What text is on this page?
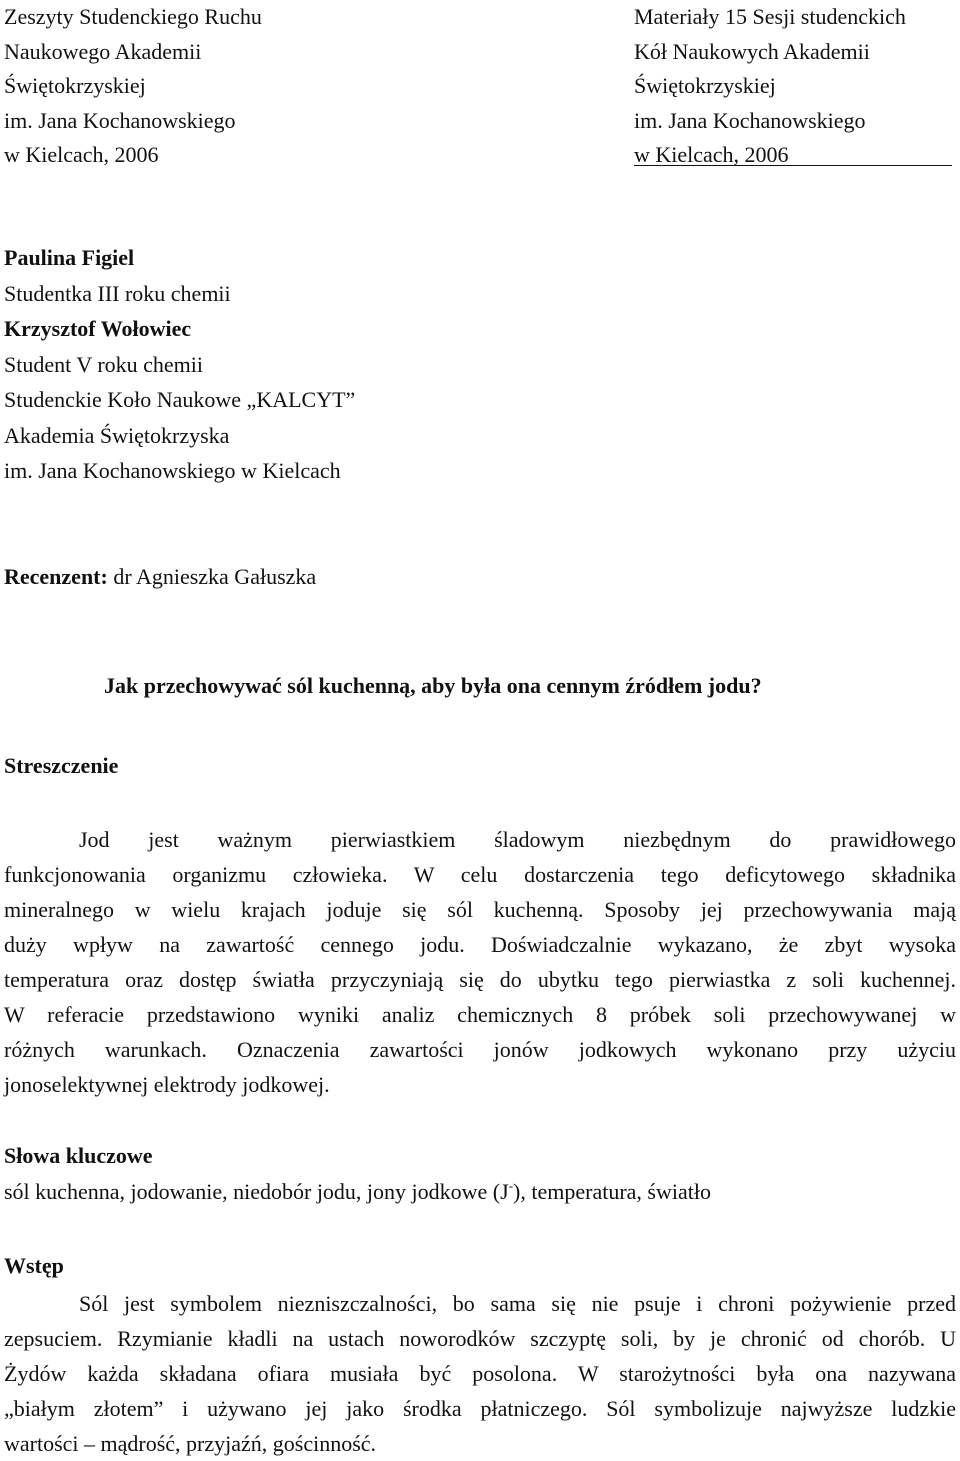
Zeszyty Studenckiego Ruchu
Naukowego Akademii
Świętokrzyskiej
im. Jana Kochanowskiego
w Kielcach, 2006
Materiały 15 Sesji studenckich
Kół Naukowych Akademii
Świętokrzyskiej
im. Jana Kochanowskiego
w Kielcach, 2006
Paulina Figiel
Studentka III roku chemii
Krzysztof Wołowiec
Student V roku chemii
Studenckie Koło Naukowe „KALCYT”
Akademia Świętokrzyska
im. Jana Kochanowskiego w Kielcach
Recenzent: dr Agnieszka Gałuszka
Jak przechowywać sól kuchenną, aby była ona cennym źródłem jodu?
Streszczenie
Jod jest ważnym pierwiastkiem śladowym niezbędnym do prawidłowego
funkcjonowania organizmu człowieka. W celu dostarczenia tego deficytowego składnika
mineralnego w wielu krajach joduje się sól kuchenną. Sposoby jej przechowywania mają
duży wpływ na zawartość cennego jodu. Doświadczalnie wykazano, że zbyt wysoka
temperatura oraz dostęp światła przyczyniają się do ubytku tego pierwiastka z soli kuchennej.
W referacie przedstawiono wyniki analiz chemicznych 8 próbek soli przechowywanej w
różnych warunkach. Oznaczenia zawartości jonów jodkowych wykonano przy użyciu
jonoselektywnej elektrody jodkowej.
Słowa kluczowe
sól kuchenna, jodowanie, niedobór jodu, jony jodkowe (J-), temperatura, światło
Wstęp
Sól jest symbolem niezniszczalności, bo sama się nie psuje i chroni pożywienie przed
zepsuciem. Rzymianie kładli na ustach noworodków szczyptę soli, by je chronić od chorób. U
Żydów każda składana ofiara musiała być posolona. W starożytności była ona nazywana
„białym złotem” i używano jej jako środka płatniczego. Sól symbolizuje najwyższe ludzkie
wartości – mądrość, przyjaźń, gościnność.
